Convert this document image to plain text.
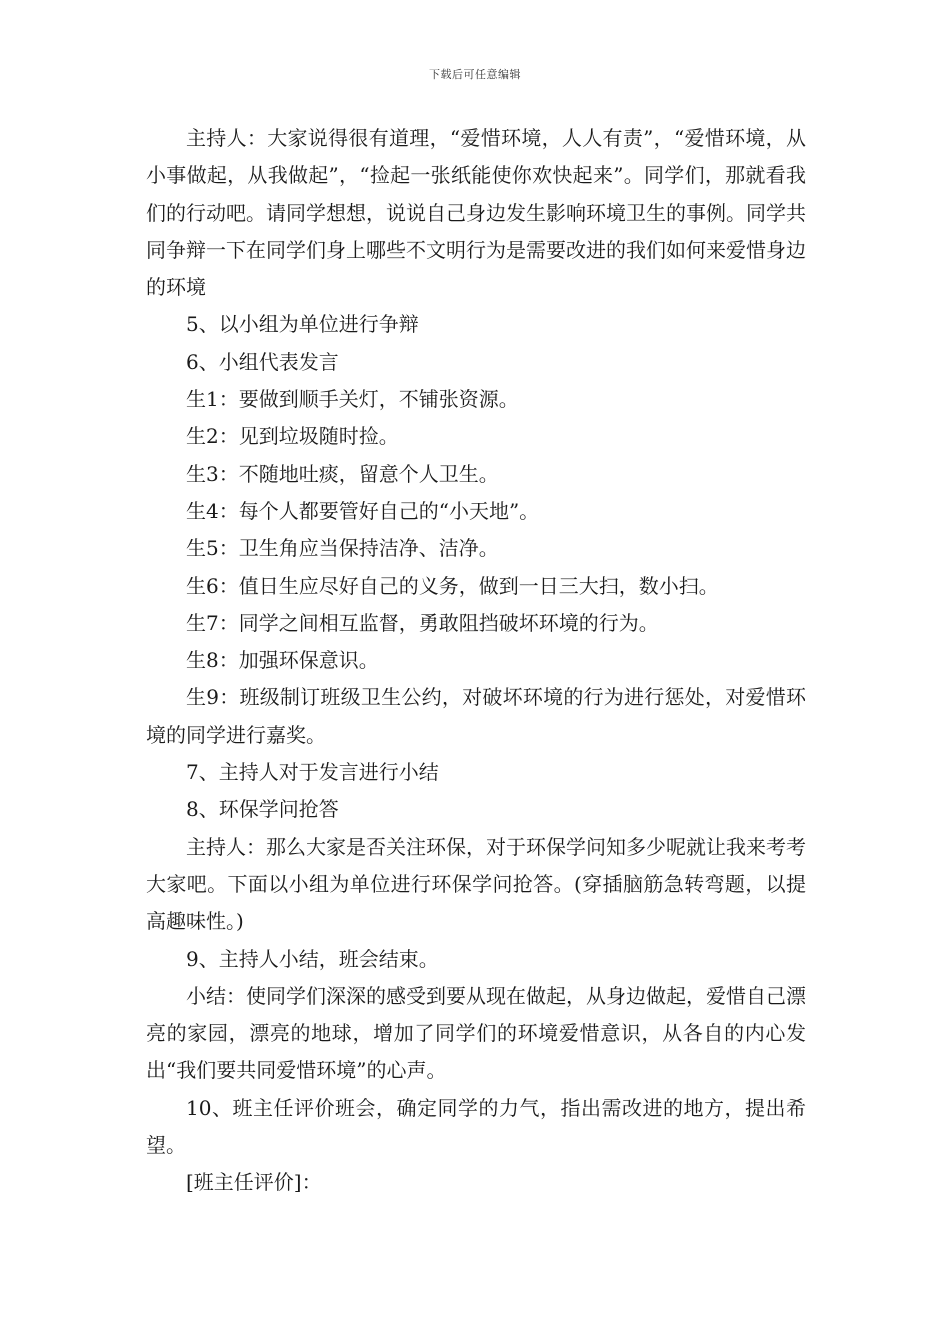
下载后可任意编辑

主持人：大家说得很有道理，“爱惜环境，人人有责”，“爱惜环境，从小事做起，从我做起”，“捡起一张纸能使你欢快起来”。同学们，那就看我们的行动吧。请同学想想，说说自己身边发生影响环境卫生的事例。同学共同争辩一下在同学们身上哪些不文明行为是需要改进的我们如何来爱惜身边的环境

5、以小组为单位进行争辩

6、小组代表发言

生1：要做到顺手关灯，不铺张资源。

生2：见到垃圾随时捡。

生3：不随地吐痰，留意个人卫生。

生4：每个人都要管好自己的“小天地”。

生5：卫生角应当保持洁净、洁净。

生6：值日生应尽好自己的义务，做到一日三大扫，数小扫。

生7：同学之间相互监督，勇敢阻挡破坏环境的行为。

生8：加强环保意识。

生9：班级制订班级卫生公约，对破坏环境的行为进行惩处，对爱惜环境的同学进行嘉奖。

7、主持人对于发言进行小结

8、环保学问抢答

主持人：那么大家是否关注环保，对于环保学问知多少呢就让我来考考大家吧。下面以小组为单位进行环保学问抢答。(穿插脑筋急转弯题，以提高趣味性。)

9、主持人小结，班会结束。

小结：使同学们深深的感受到要从现在做起，从身边做起，爱惜自己漂亮的家园，漂亮的地球，增加了同学们的环境爱惜意识，从各自的内心发出“我们要共同爱惜环境”的心声。

10、班主任评价班会，确定同学的力气，指出需改进的地方，提出希望。

[班主任评价]：
